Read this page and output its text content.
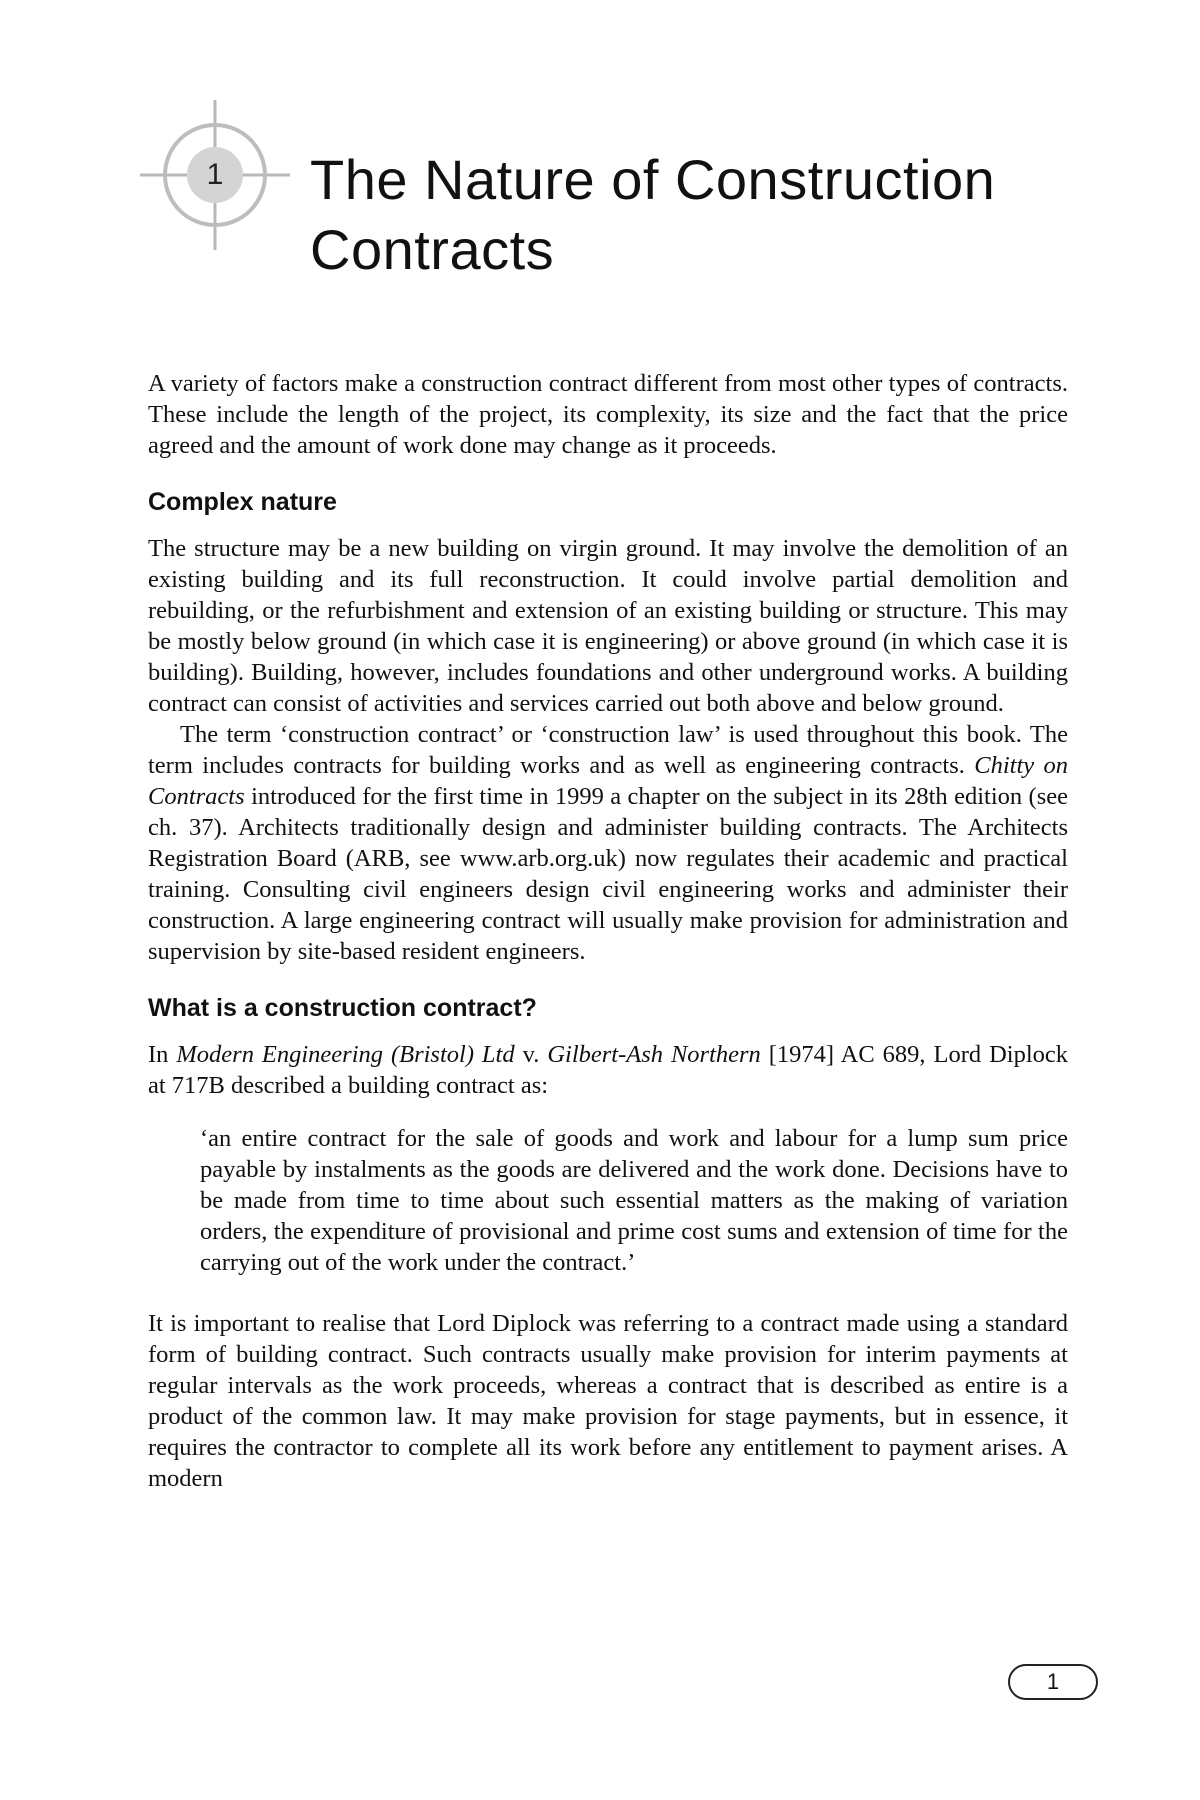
1	The Nature of Construction Contracts

A variety of factors make a construction contract different from most other types of contracts. These include the length of the project, its complexity, its size and the fact that the price agreed and the amount of work done may change as it proceeds.

Complex nature

The structure may be a new building on virgin ground. It may involve the demolition of an existing building and its full reconstruction. It could involve partial demolition and rebuilding, or the refurbishment and extension of an existing building or structure. This may be mostly below ground (in which case it is engineering) or above ground (in which case it is building). Building, however, includes foundations and other underground works. A building contract can consist of activities and services carried out both above and below ground.

The term ‘construction contract’ or ‘construction law’ is used throughout this book. The term includes contracts for building works and as well as engineering contracts. Chitty on Contracts introduced for the first time in 1999 a chapter on the subject in its 28th edition (see ch. 37). Architects traditionally design and administer building contracts. The Architects Registration Board (ARB, see www.arb.org.uk) now regulates their academic and practical training. Consulting civil engineers design civil engineering works and administer their construction. A large engineering contract will usually make provision for administration and supervision by site-based resident engineers.

What is a construction contract?

In Modern Engineering (Bristol) Ltd v. Gilbert-Ash Northern [1974] AC 689, Lord Diplock at 717B described a building contract as:

‘an entire contract for the sale of goods and work and labour for a lump sum price payable by instalments as the goods are delivered and the work done. Decisions have to be made from time to time about such essential matters as the making of variation orders, the expenditure of provisional and prime cost sums and extension of time for the carrying out of the work under the contract.’

It is important to realise that Lord Diplock was referring to a contract made using a standard form of building contract. Such contracts usually make provision for interim payments at regular intervals as the work proceeds, whereas a contract that is described as entire is a product of the common law. It may make provision for stage payments, but in essence, it requires the contractor to complete all its work before any entitlement to payment arises. A modern

1
